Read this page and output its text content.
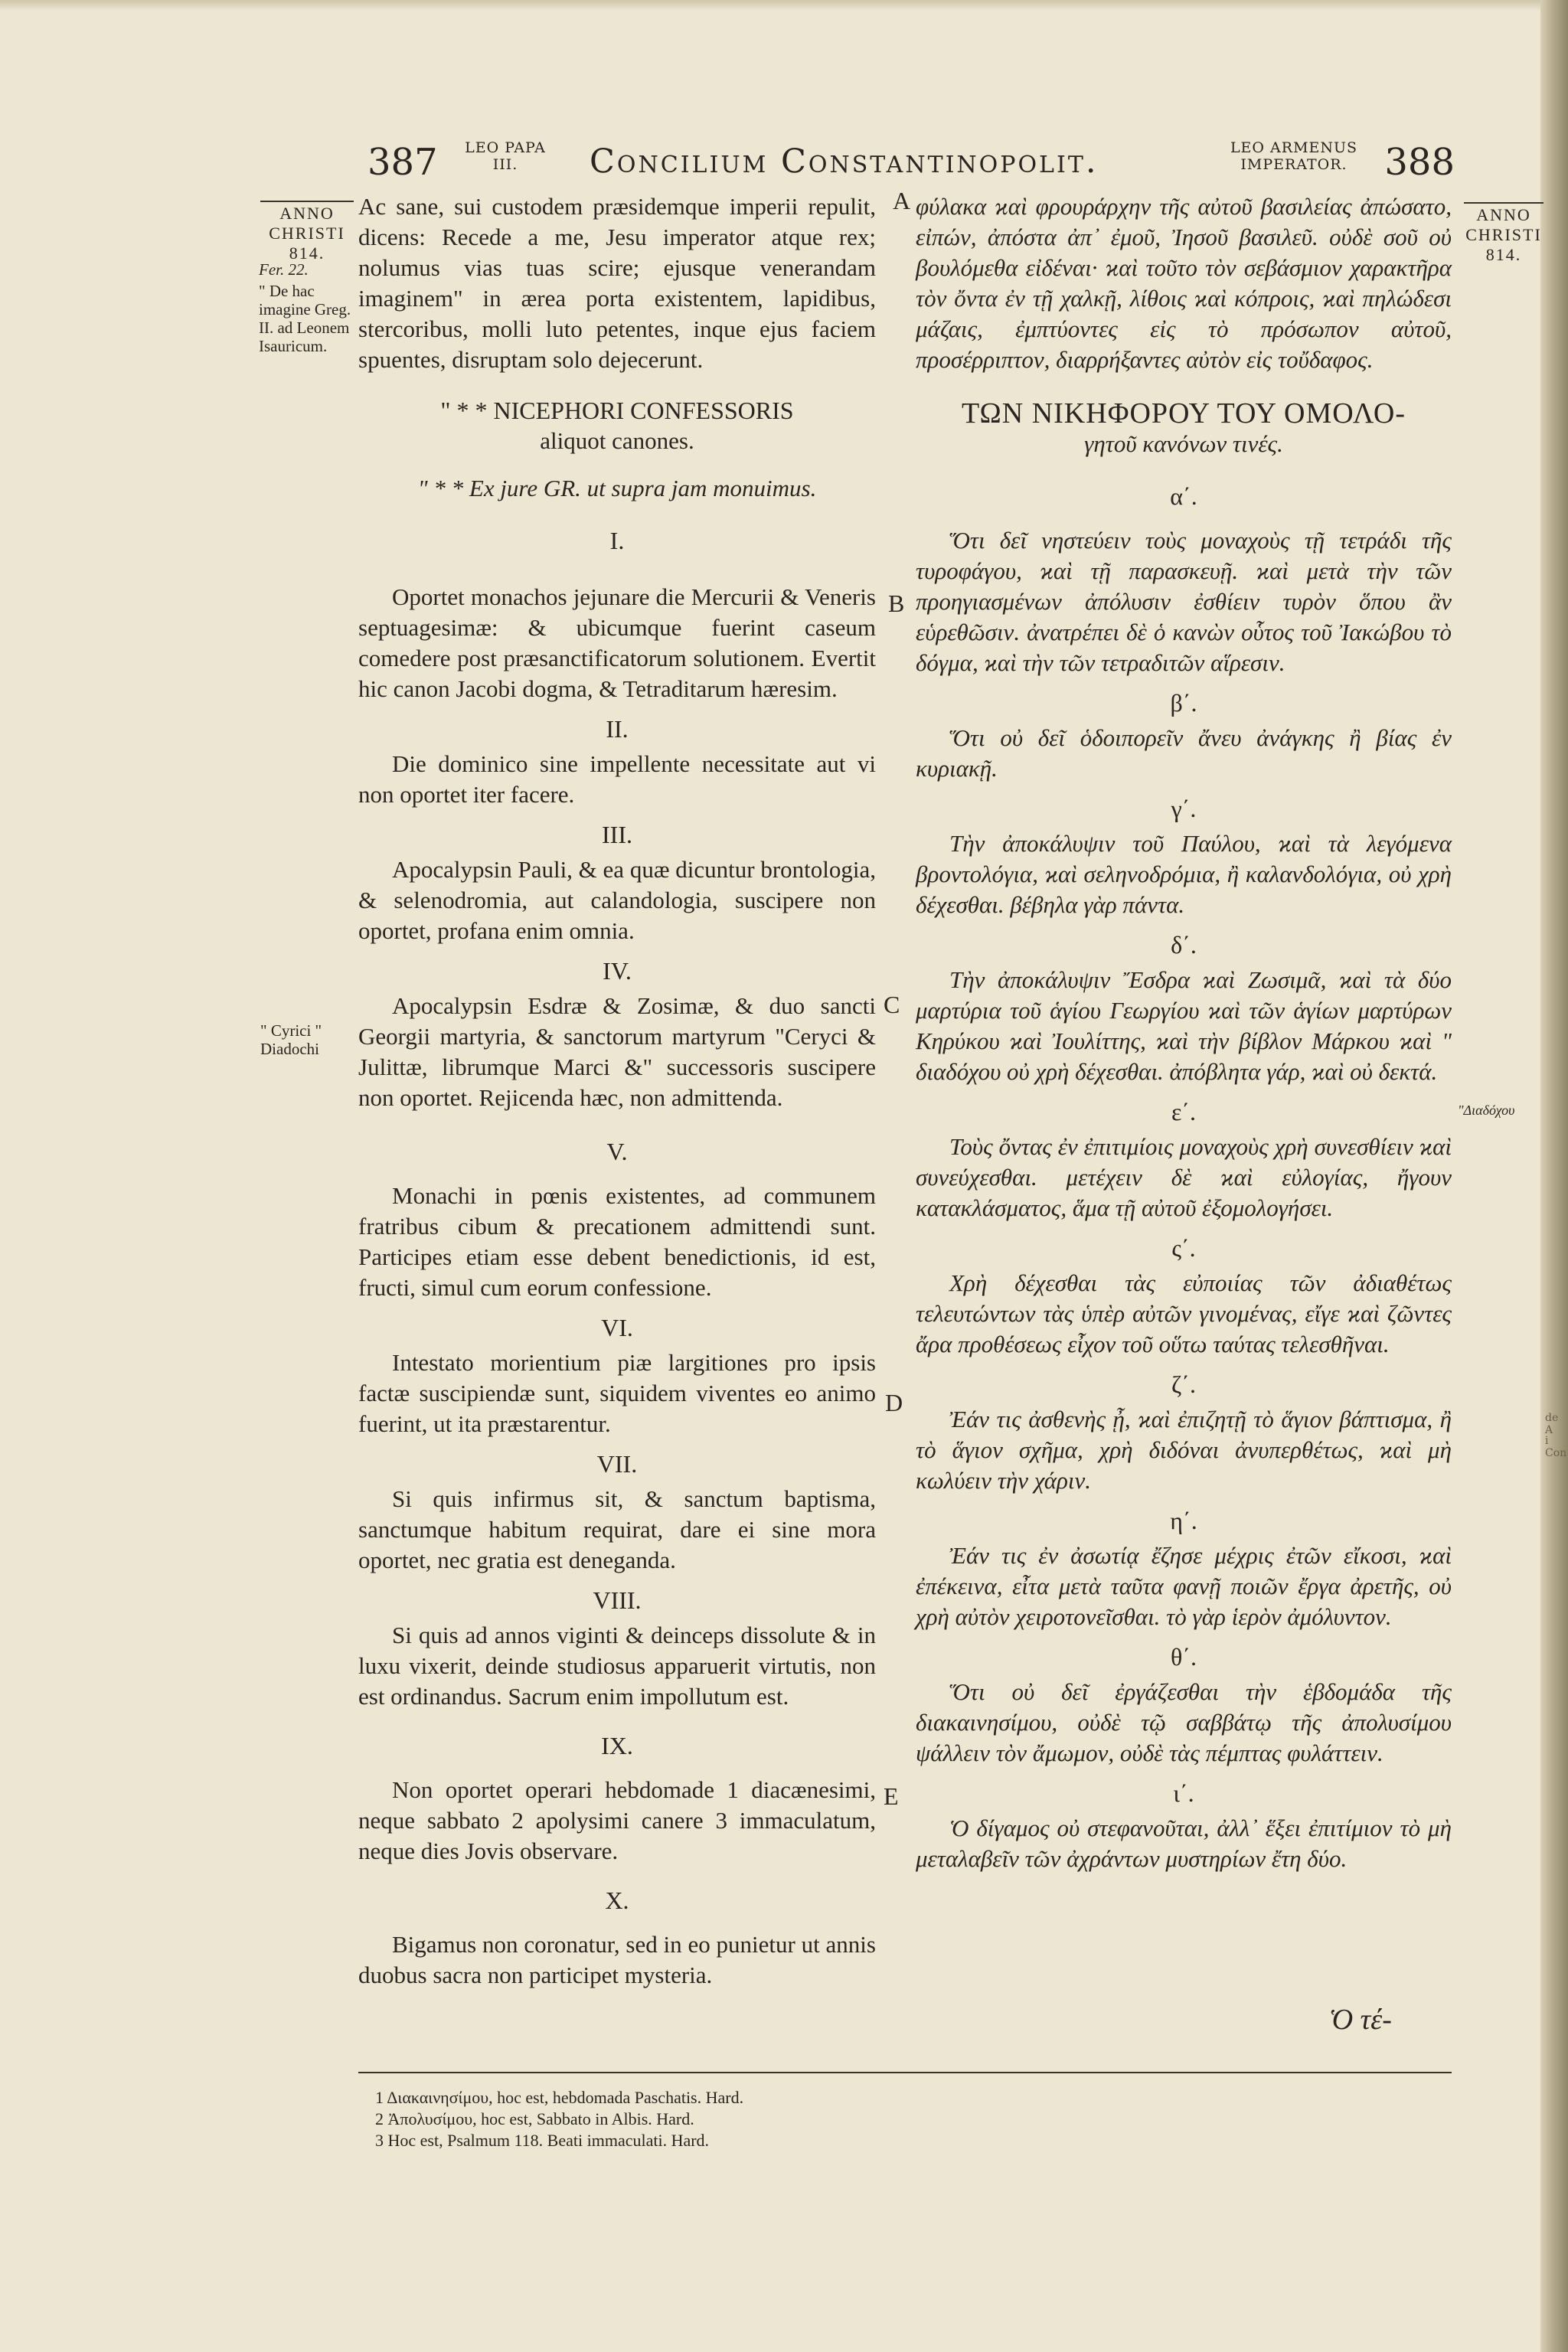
387	LEO PAPA III.	Concilium Constantinopolit.	LEO ARMENUS IMPERATOR.	388
ANNO CHRISTI 814.
Fer. 22.
" De hac imagine Greg. II. ad Leonem Isauricum.
" Cyrici " Diadochi
ANNO CHRISTI 814.
"Διαδόχου
A
B
C
D
E

Ac sane, sui custodem præsidemque imperii repulit, dicens: Recede a me, Jesu imperator atque rex; nolumus vias tuas scire; ejusque venerandam imaginem" in ærea porta existentem, lapidibus, stercoribus, molli luto petentes, inque ejus faciem spuentes, disruptam solo dejecerunt.

" * * NICEPHORI CONFESSORIS
aliquot canones.
" * * Ex jure GR. ut supra jam monuimus.
I.

Oportet monachos jejunare die Mercurii & Veneris septuagesimæ: & ubicumque fuerint caseum comedere post præsanctificatorum solutionem. Evertit hic canon Jacobi dogma, & Tetraditarum hæresim.

II.

Die dominico sine impellente necessitate aut vi non oportet iter facere.

III.

Apocalypsin Pauli, & ea quæ dicuntur brontologia, & selenodromia, aut calandologia, suscipere non oportet, profana enim omnia.

IV.

Apocalypsin Esdræ & Zosimæ, & duo sancti Georgii martyria, & sanctorum martyrum "Ceryci & Julittæ, librumque Marci &" successoris suscipere non oportet. Rejicenda hæc, non admittenda.

V.

Monachi in pœnis existentes, ad communem fratribus cibum & precationem admittendi sunt. Participes etiam esse debent benedictionis, id est, fructi, simul cum eorum confessione.

VI.

Intestato morientium piæ largitiones pro ipsis factæ suscipiendæ sunt, siquidem viventes eo animo fuerint, ut ita præstarentur.

VII.

Si quis infirmus sit, & sanctum baptisma, sanctumque habitum requirat, dare ei sine mora oportet, nec gratia est deneganda.

VIII.

Si quis ad annos viginti & deinceps dissolute & in luxu vixerit, deinde studiosus apparuerit virtutis, non est ordinandus. Sacrum enim impollutum est.

IX.

Non oportet operari hebdomade 1 diacænesimi, neque sabbato 2 apolysimi canere 3 immaculatum, neque dies Jovis observare.

X.

Bigamus non coronatur, sed in eo punietur ut annis duobus sacra non participet mysteria.

φύλακα ϰαὶ φρουράρχην τῆς αὐτοῦ βασιλείας ἀπώσατο, εἰπών, ἀπόστα ἀπ᾽ ἐμοῦ, Ἰησοῦ βασιλεῦ. οὐδὲ σοῦ οὐ βουλόμεθα εἰδέναι· ϰαὶ τοῦτο τὸν σεβάσμιον χαρακτῆρα τὸν ὄντα ἐν τῇ χαλκῇ, λίθοις ϰαὶ κόπροις, ϰαὶ πηλώδεσι μάζαις, ἐμπτύοντες εἰς τὸ πρόσωπον αὐτοῦ, προσέρριπτον, διαρρήξαντες αὐτὸν εἰς τοὔδαφος.

ΤΩΝ ΝΙΚΗΦΟΡΟΥ ΤΟΥ ΟΜΟΛΟ-
γητοῦ κανόνων τινές.
α΄.

Ὅτι δεῖ νηστεύειν τοὺς μοναχοὺς τῇ τετράδι τῆς τυροφάγου, ϰαὶ τῇ παρασκευῇ. ϰαὶ μετὰ τὴν τῶν προηγιασμένων ἀπόλυσιν ἐσθίειν τυρὸν ὅπου ἂν εὑρεθῶσιν. ἀνατρέπει δὲ ὁ κανὼν οὗτος τοῦ Ἰακώβου τὸ δόγμα, ϰαὶ τὴν τῶν τετραδιτῶν αἵρεσιν.

β΄.

Ὅτι οὐ δεῖ ὁδοιπορεῖν ἄνευ ἀνάγκης ἢ βίας ἐν κυριακῇ.

γ΄.

Τὴν ἀποκάλυψιν τοῦ Παύλου, ϰαὶ τὰ λεγόμενα βροντολόγια, ϰαὶ σεληνοδρόμια, ἢ καλανδολόγια, οὐ χρὴ δέχεσθαι. βέβηλα γὰρ πάντα.

δ΄.

Τὴν ἀποκάλυψιν Ἔσδρα ϰαὶ Ζωσιμᾶ, ϰαὶ τὰ δύο μαρτύρια τοῦ ἁγίου Γεωργίου ϰαὶ τῶν ἁγίων μαρτύρων Κηρύκου ϰαὶ Ἰουλίττης, ϰαὶ τὴν βίβλον Μάρκου ϰαὶ " διαδόχου οὐ χρὴ δέχεσθαι. ἀπόβλητα γάρ, ϰαὶ οὐ δεκτά.

ε΄.

Τοὺς ὄντας ἐν ἐπιτιμίοις μοναχοὺς χρὴ συνεσθίειν ϰαὶ συνεύχεσθαι. μετέχειν δὲ ϰαὶ εὐλογίας, ἤγουν κατακλάσματος, ἅμα τῇ αὐτοῦ ἐξομολογήσει.

ς΄.

Χρὴ δέχεσθαι τὰς εὐποιίας τῶν ἀδιαθέτως τελευτώντων τὰς ὑπὲρ αὐτῶν γινομένας, εἴγε ϰαὶ ζῶντες ἄρα προθέσεως εἶχον τοῦ οὕτω ταύτας τελεσθῆναι.

ζ΄.

Ἐάν τις ἀσθενὴς ᾖ, ϰαὶ ἐπιζητῇ τὸ ἅγιον βάπτισμα, ἢ τὸ ἅγιον σχῆμα, χρὴ διδόναι ἀνυπερθέτως, ϰαὶ μὴ κωλύειν τὴν χάριν.

η΄.

Ἐάν τις ἐν ἀσωτίᾳ ἔζησε μέχρις ἐτῶν εἴκοσι, ϰαὶ ἐπέκεινα, εἶτα μετὰ ταῦτα φανῇ ποιῶν ἔργα ἀρετῆς, οὐ χρὴ αὐτὸν χειροτονεῖσθαι. τὸ γὰρ ἱερὸν ἀμόλυντον.

θ΄.

Ὅτι οὐ δεῖ ἐργάζεσθαι τὴν ἑβδομάδα τῆς διακαινησίμου, οὐδὲ τῷ σαββάτῳ τῆς ἀπολυσίμου ψάλλειν τὸν ἄμωμον, οὐδὲ τὰς πέμπτας φυλάττειν.

ι΄.

Ὁ δίγαμος οὐ στεφανοῦται, ἀλλ᾽ ἕξει ἐπιτίμιον τὸ μὴ μεταλαβεῖν τῶν ἀχράντων μυστηρίων ἔτη δύο.

Ὁ τέ-
de A
i Con
1 Διακαινησίμου, hoc est, hebdomada Paschatis. Hard.
2 Ἀπολυσίμου, hoc est, Sabbato in Albis. Hard.
3 Hoc est, Psalmum 118. Beati immaculati. Hard.
